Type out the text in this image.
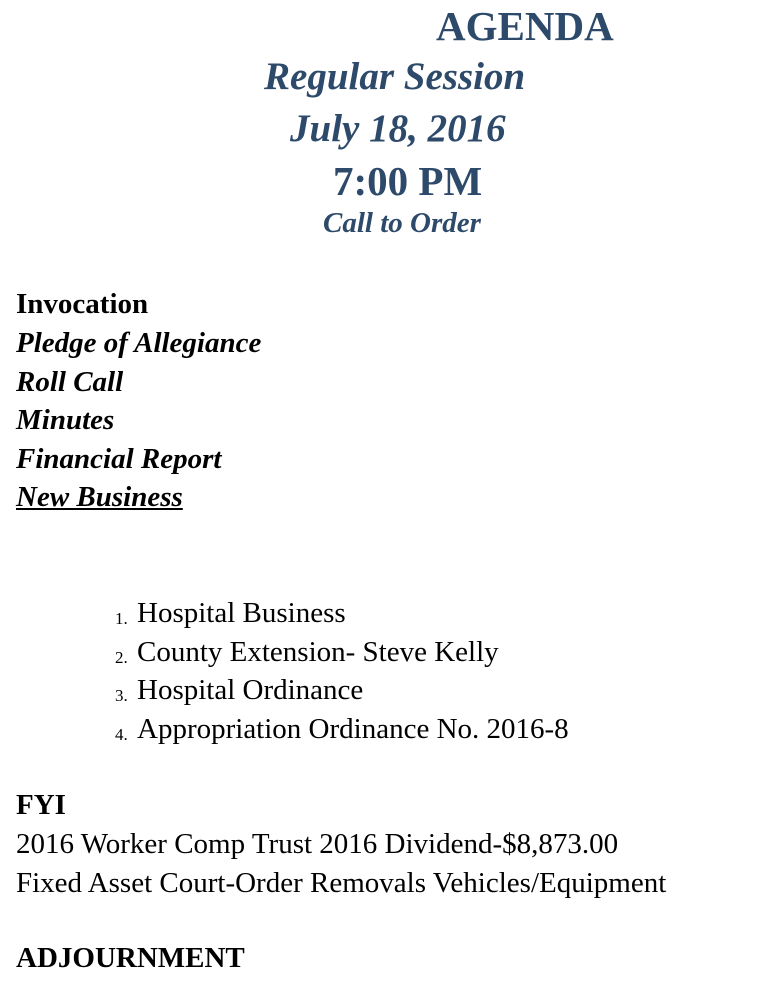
AGENDA
Regular Session
July 18, 2016
7:00 PM
Call to Order
Invocation
Pledge of Allegiance
Roll Call
Minutes
Financial Report
New Business
1. Hospital Business
2. County Extension- Steve Kelly
3. Hospital Ordinance
4. Appropriation Ordinance No. 2016-8
FYI
2016 Worker Comp Trust 2016 Dividend-$8,873.00
Fixed Asset Court-Order Removals Vehicles/Equipment
ADJOURNMENT
